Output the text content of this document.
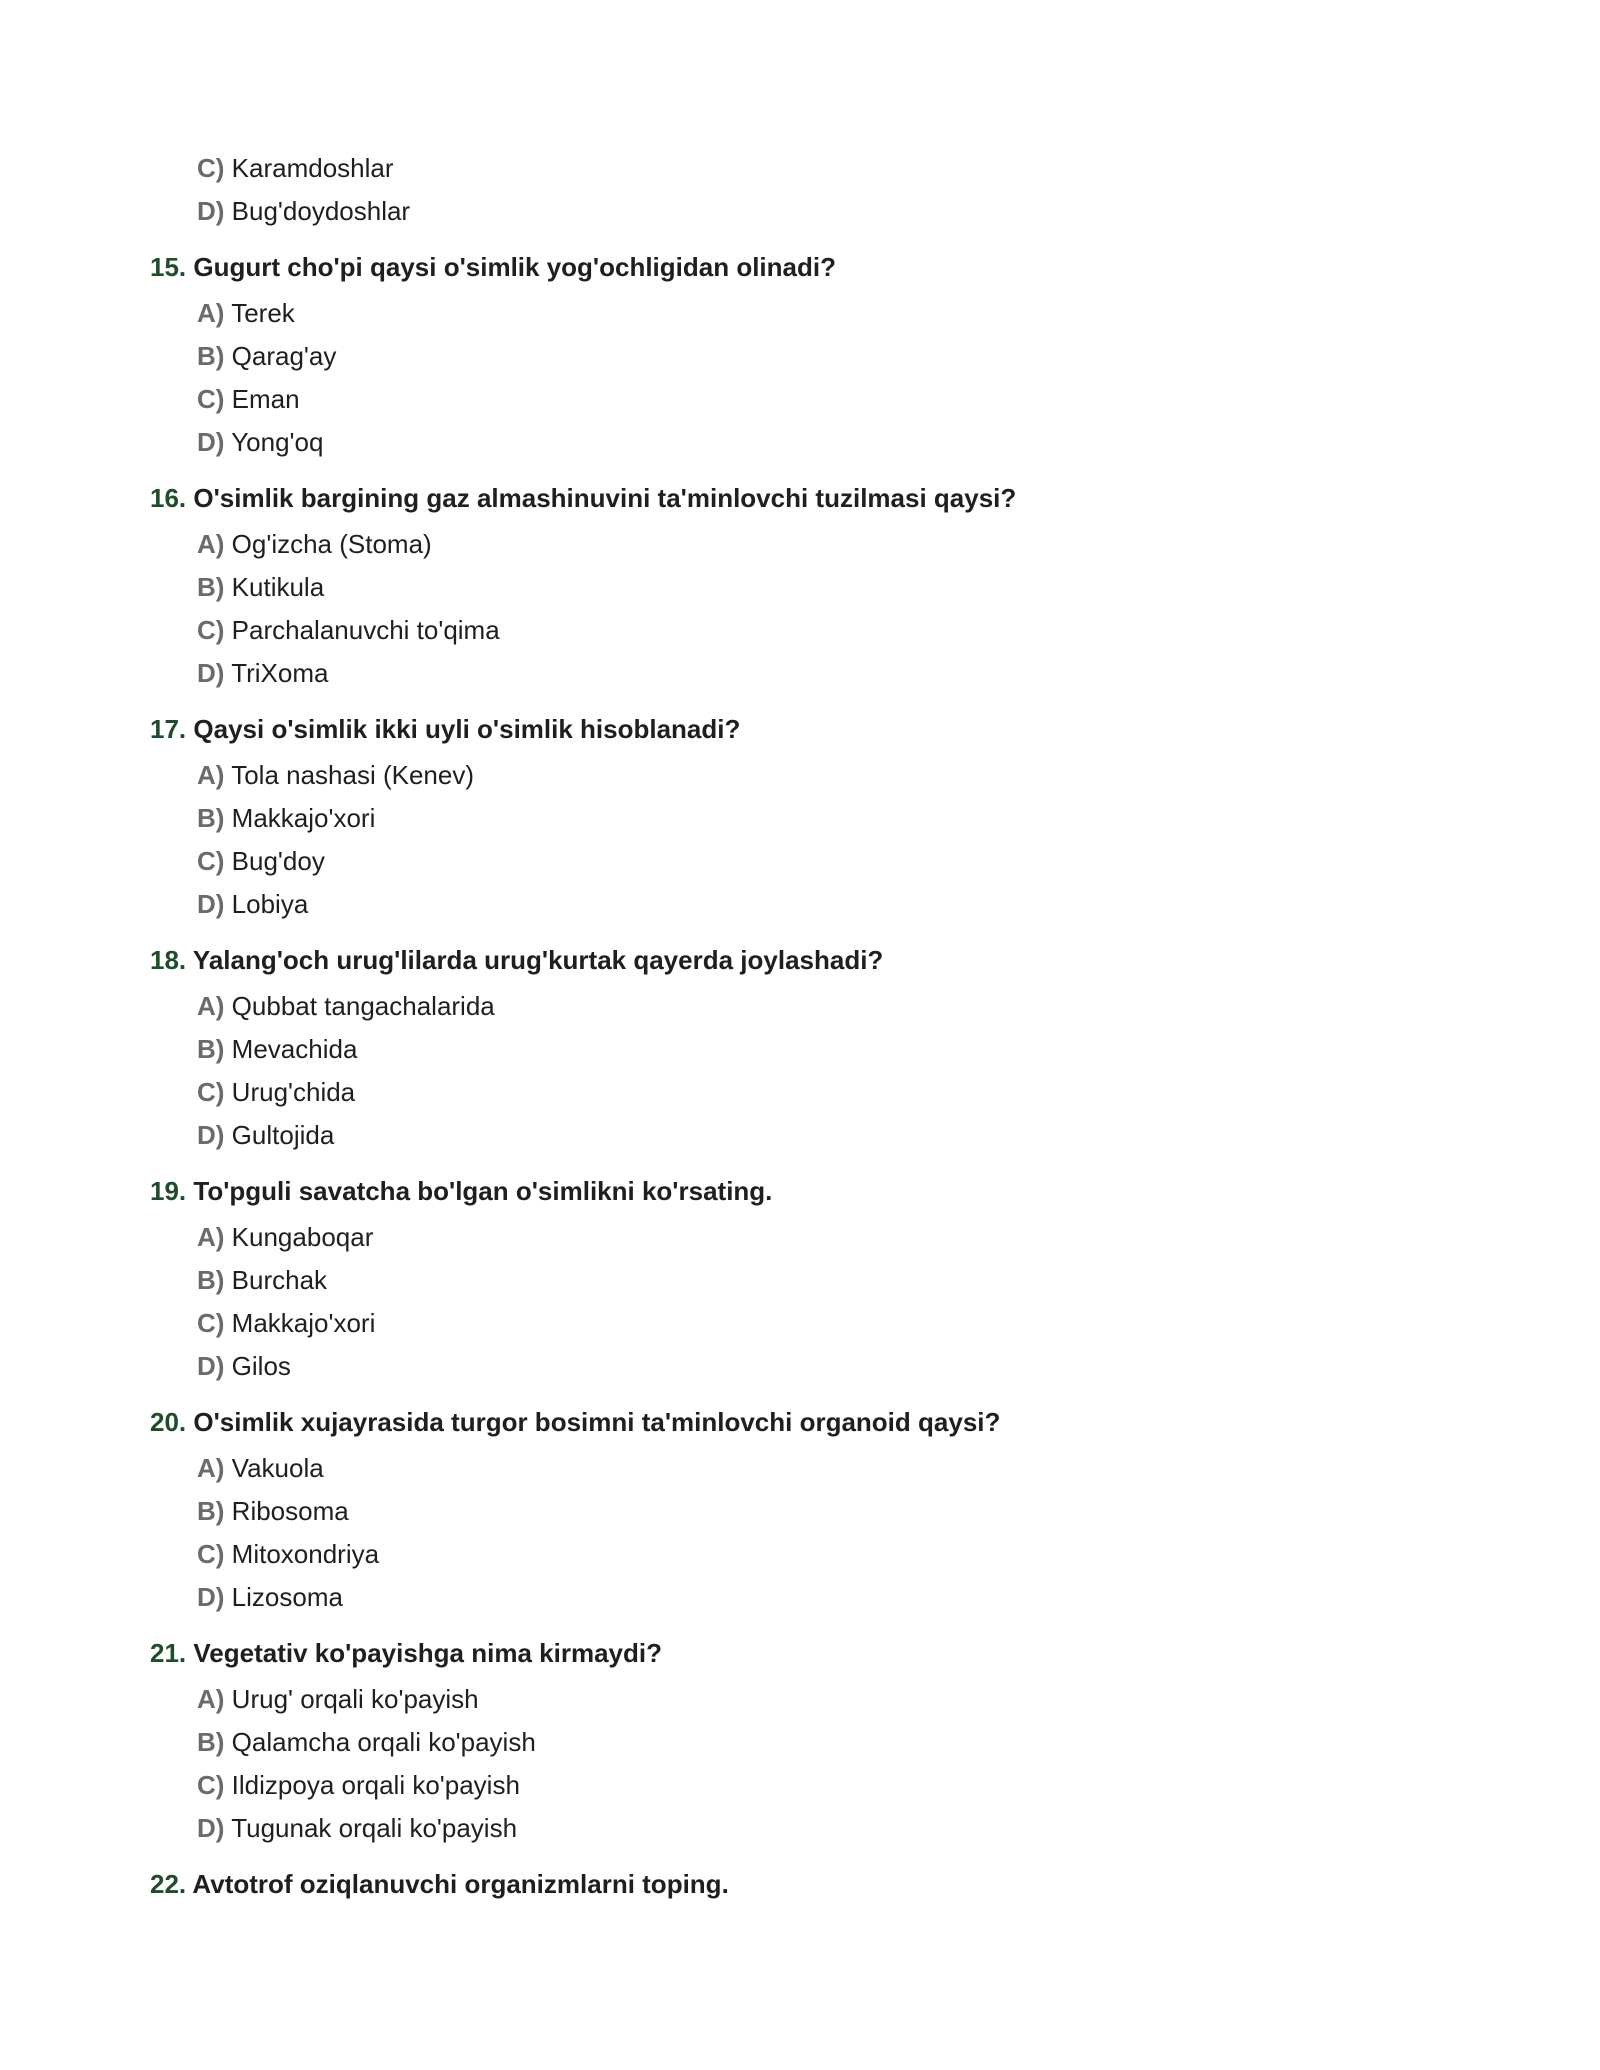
C) Karamdoshlar
D) Bug'doydoshlar
15. Gugurt cho'pi qaysi o'simlik yog'ochligidan olinadi?
A) Terek
B) Qarag'ay
C) Eman
D) Yong'oq
16. O'simlik bargining gaz almashinuvini ta'minlovchi tuzilmasi qaysi?
A) Og'izcha (Stoma)
B) Kutikula
C) Parchalanuvchi to'qima
D) TriXoma
17. Qaysi o'simlik ikki uyli o'simlik hisoblanadi?
A) Tola nashasi (Kenev)
B) Makkajo'xori
C) Bug'doy
D) Lobiya
18. Yalang'och urug'lilarda urug'kurtak qayerda joylashadi?
A) Qubbat tangachalarida
B) Mevachida
C) Urug'chida
D) Gultojida
19. To'pguli savatcha bo'lgan o'simlikni ko'rsating.
A) Kungaboqar
B) Burchak
C) Makkajo'xori
D) Gilos
20. O'simlik xujayrasida turgor bosimni ta'minlovchi organoid qaysi?
A) Vakuola
B) Ribosoma
C) Mitoxondriya
D) Lizosoma
21. Vegetativ ko'payishga nima kirmaydi?
A) Urug' orqali ko'payish
B) Qalamcha orqali ko'payish
C) Ildizpoya orqali ko'payish
D) Tugunak orqali ko'payish
22. Avtotrof oziqlanuvchi organizmlarni toping.
